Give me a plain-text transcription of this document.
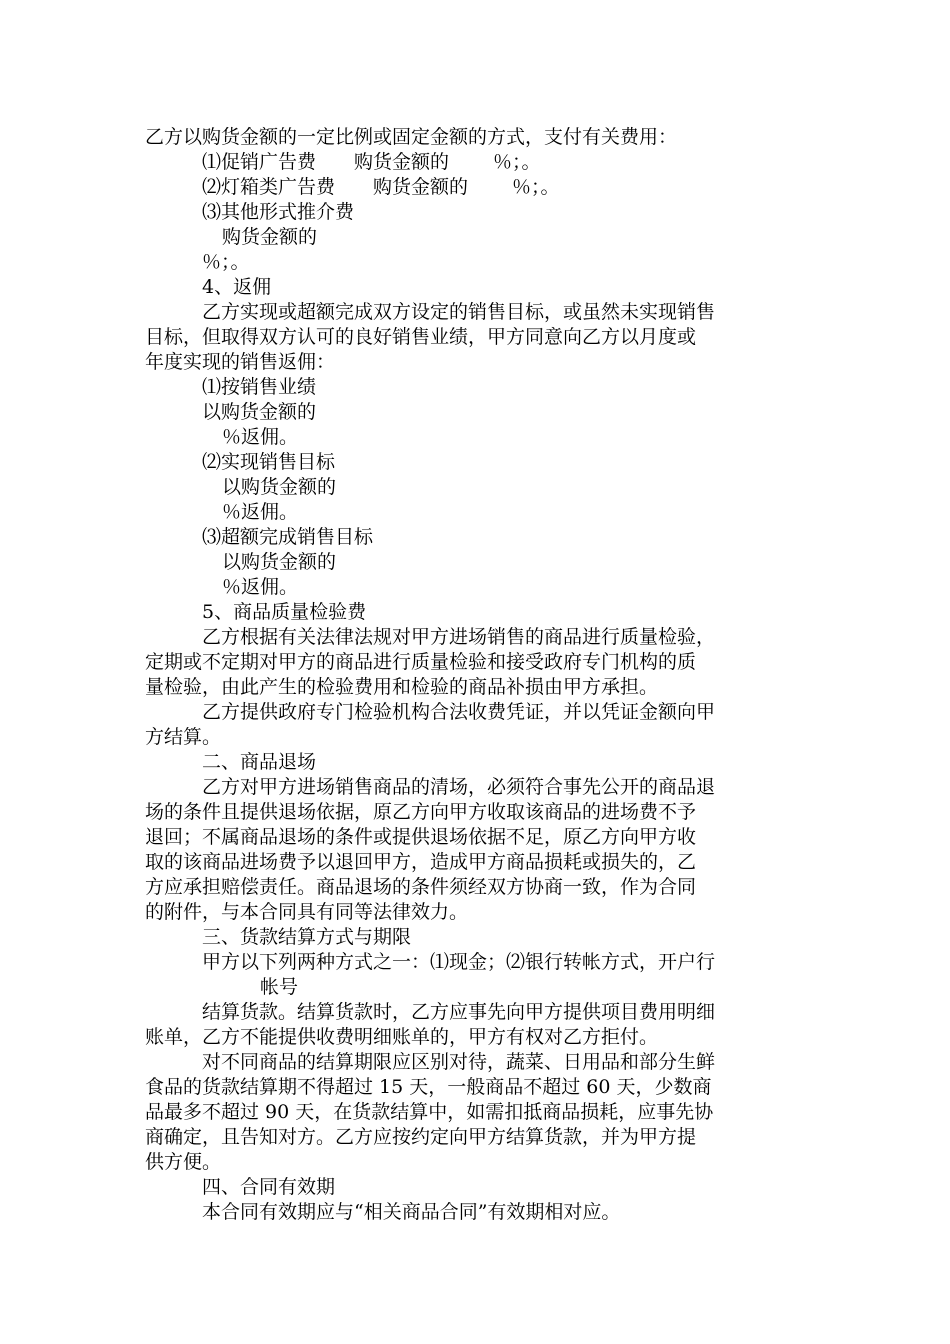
乙方以购货金额的一定比例或固定金额的方式，支付有关费用：
⑴促销广告费　　购货金额的　　 ％；。
⑵灯箱类广告费　　购货金额的　　 ％；。
⑶其他形式推介费
购货金额的
％；。
4、返佣
乙方实现或超额完成双方设定的销售目标，或虽然未实现销售
目标，但取得双方认可的良好销售业绩，甲方同意向乙方以月度或
年度实现的销售返佣：
⑴按销售业绩
以购货金额的
％返佣。
⑵实现销售目标
以购货金额的
％返佣。
⑶超额完成销售目标
以购货金额的
％返佣。
5、商品质量检验费
乙方根据有关法律法规对甲方进场销售的商品进行质量检验，
定期或不定期对甲方的商品进行质量检验和接受政府专门机构的质
量检验，由此产生的检验费用和检验的商品补损由甲方承担。
乙方提供政府专门检验机构合法收费凭证，并以凭证金额向甲
方结算。
二、商品退场
乙方对甲方进场销售商品的清场，必须符合事先公开的商品退
场的条件且提供退场依据，原乙方向甲方收取该商品的进场费不予
退回；不属商品退场的条件或提供退场依据不足，原乙方向甲方收
取的该商品进场费予以退回甲方，造成甲方商品损耗或损失的，乙
方应承担赔偿责任。商品退场的条件须经双方协商一致，作为合同
的附件，与本合同具有同等法律效力。
三、货款结算方式与期限
甲方以下列两种方式之一：⑴现金；⑵银行转帐方式，开户行
帐号
结算货款。结算货款时，乙方应事先向甲方提供项目费用明细
账单，乙方不能提供收费明细账单的，甲方有权对乙方拒付。
对不同商品的结算期限应区别对待，蔬菜、日用品和部分生鲜
食品的货款结算期不得超过 15 天，一般商品不超过 60 天，少数商
品最多不超过 90 天，在货款结算中，如需扣抵商品损耗，应事先协
商确定，且告知对方。乙方应按约定向甲方结算货款，并为甲方提
供方便。
四、合同有效期
本合同有效期应与“相关商品合同”有效期相对应。
